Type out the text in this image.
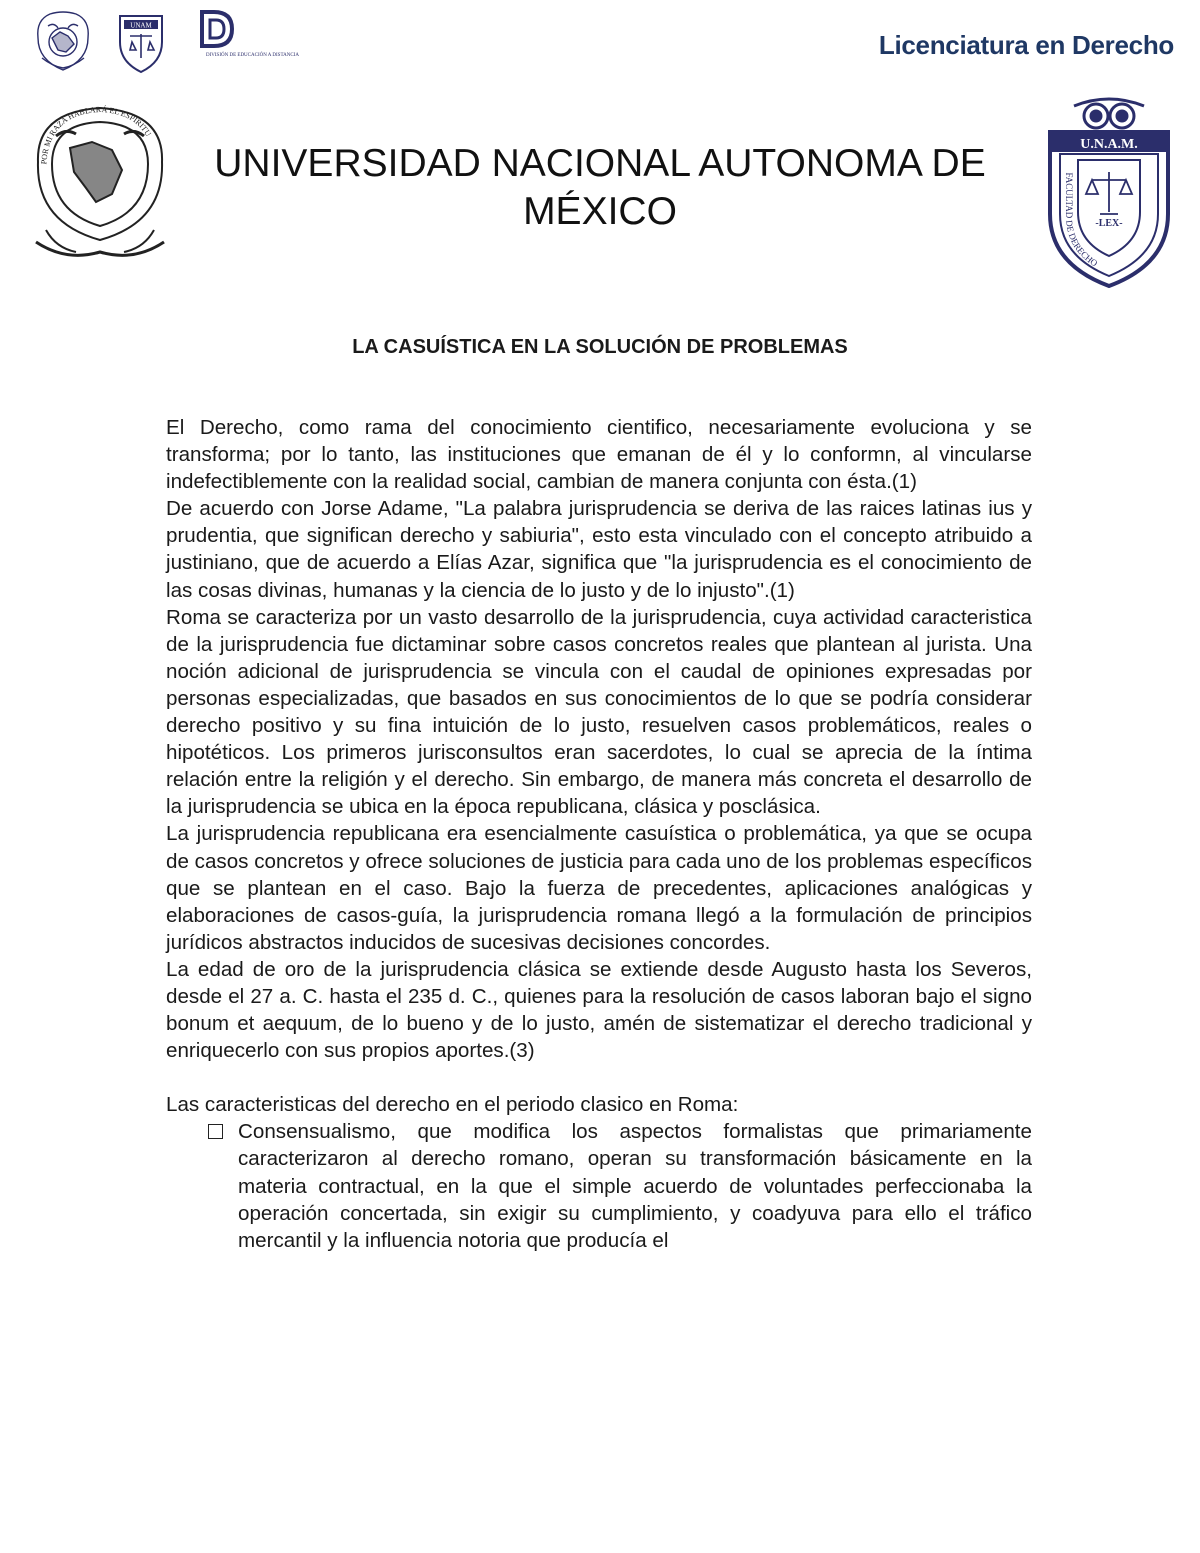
UNAM
DIVISIÓN DE EDUCACIÓN A DISTANCIA	Licenciatura en Derecho
POR MI RAZA HABLARÁ EL ESPÍRITU
UNIVERSIDAD NACIONAL AUTONOMA DE
MÉXICO
U.N.A.M.
-LEX-
FACULTAD DE DERECHO
LA CASUÍSTICA EN LA SOLUCIÓN DE PROBLEMAS

El Derecho, como rama del conocimiento cientifico, necesariamente evoluciona y se transforma; por lo tanto, las instituciones que emanan de él y lo conformn, al vincularse indefectiblemente con la realidad social, cambian de manera conjunta con ésta.(1)

De acuerdo con Jorse Adame, "La palabra jurisprudencia se deriva de las raices latinas ius y prudentia, que significan derecho y sabiuria", esto esta vinculado con el concepto atribuido a justiniano, que de acuerdo a Elías Azar, significa que "la jurisprudencia es el conocimiento de las cosas divinas, humanas y la ciencia de lo justo y de lo injusto".(1)

Roma se caracteriza por un vasto desarrollo de la jurisprudencia, cuya actividad caracteristica de la jurisprudencia fue dictaminar sobre casos concretos reales que plantean al jurista. Una noción adicional de jurisprudencia se vincula con el caudal de opiniones expresadas por personas especializadas, que basados en sus conocimientos de lo que se podría considerar derecho positivo y su fina intuición de lo justo, resuelven casos problemáticos, reales o hipotéticos. Los primeros jurisconsultos eran sacerdotes, lo cual se aprecia de la íntima relación entre la religión y el derecho. Sin embargo, de manera más concreta el desarrollo de la jurisprudencia se ubica en la época republicana, clásica y posclásica.

La jurisprudencia republicana era esencialmente casuística o problemática, ya que se ocupa de casos concretos y ofrece soluciones de justicia para cada uno de los problemas específicos que se plantean en el caso. Bajo la fuerza de precedentes, aplicaciones analógicas y elaboraciones de casos-guía, la jurisprudencia romana llegó a la formulación de principios jurídicos abstractos inducidos de sucesivas decisiones concordes.

La edad de oro de la jurisprudencia clásica se extiende desde Augusto hasta los Severos, desde el 27 a. C. hasta el 235 d. C., quienes para la resolución de casos laboran bajo el signo bonum et aequum, de lo bueno y de lo justo, amén de sistematizar el derecho tradicional y enriquecerlo con sus propios aportes.(3)

Las caracteristicas del derecho en el periodo clasico en Roma:

Consensualismo, que modifica los aspectos formalistas que primariamente caracterizaron al derecho romano, operan su transformación básicamente en la materia contractual, en la que el simple acuerdo de voluntades perfeccionaba la operación concertada, sin exigir su cumplimiento, y coadyuva para ello el tráfico mercantil y la influencia notoria que producía el
